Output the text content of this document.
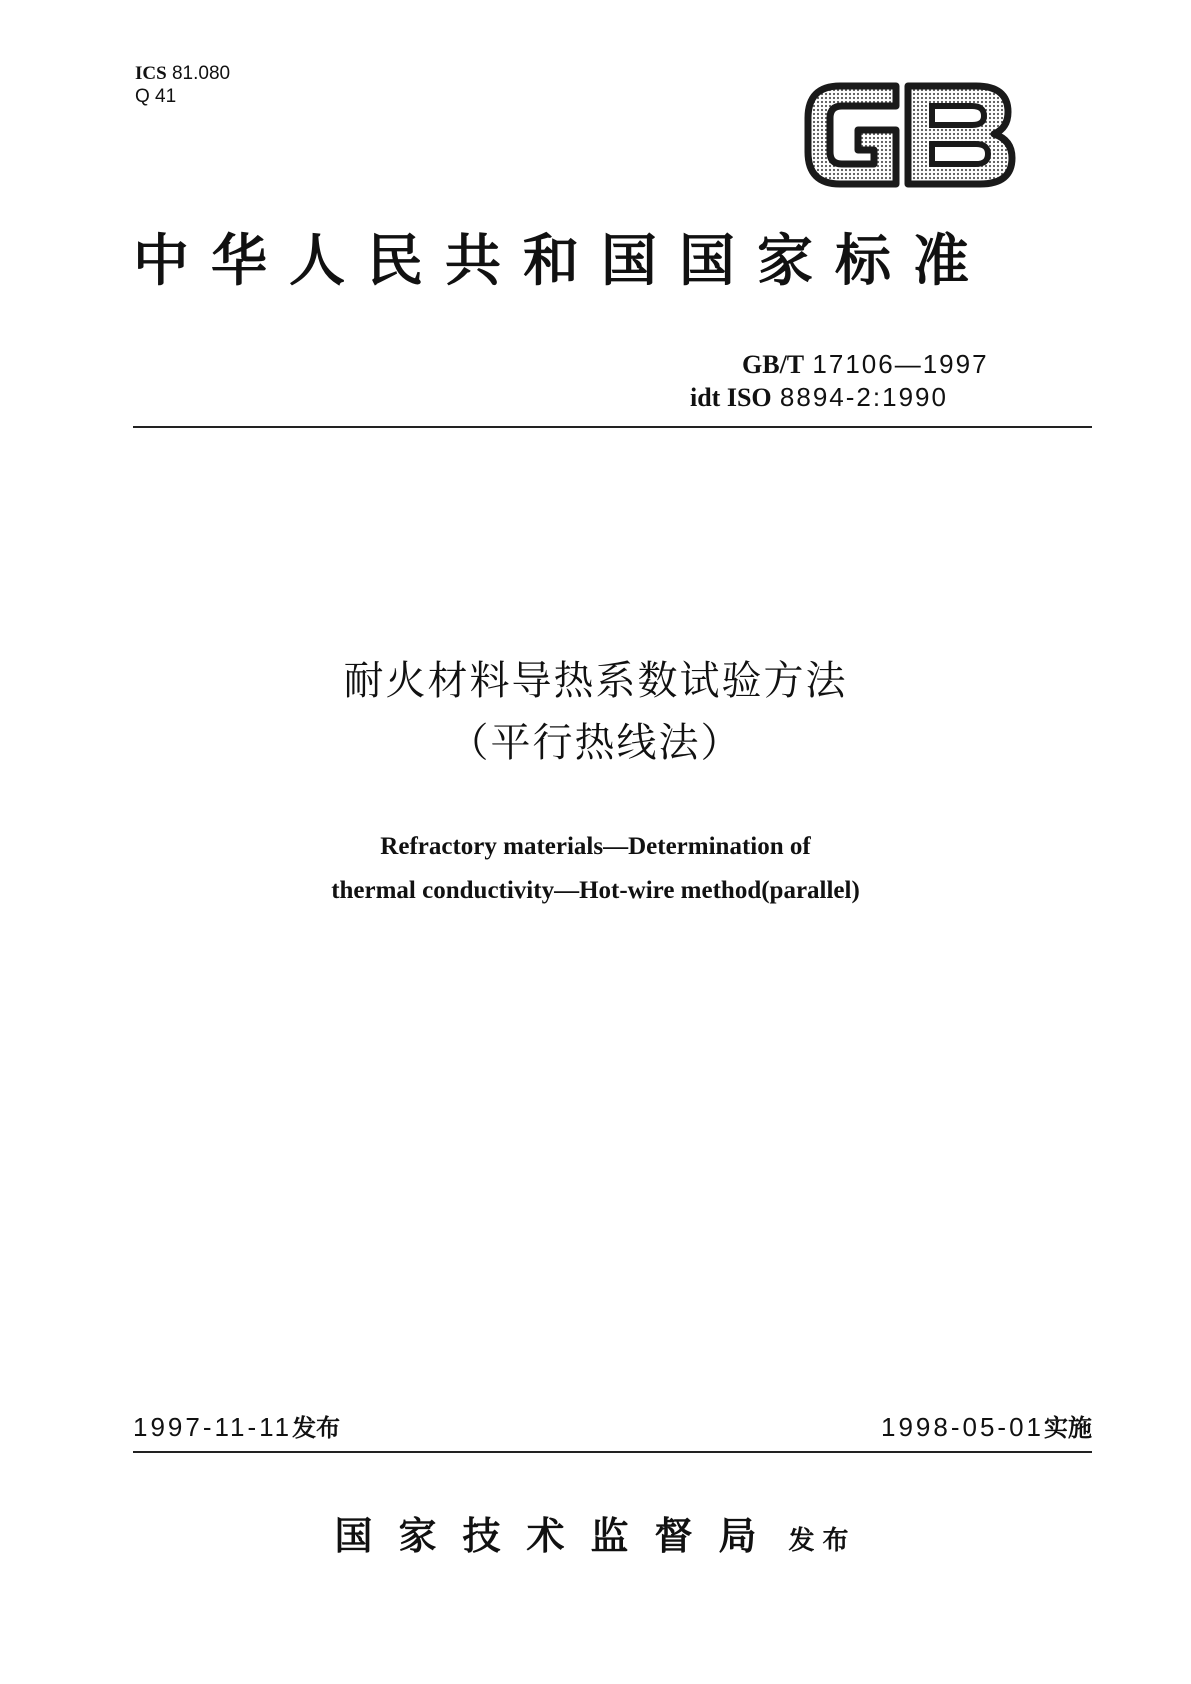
ICS 81.080
Q 41
中华人民共和国国家标准
GB/T 17106—1997
idt ISO 8894-2:1990
耐火材料导热系数试验方法
（平行热线法）
Refractory materials—Determination of
thermal conductivity—Hot-wire method(parallel)
1997-11-11发布	1998-05-01实施
国家技术监督局 发布
